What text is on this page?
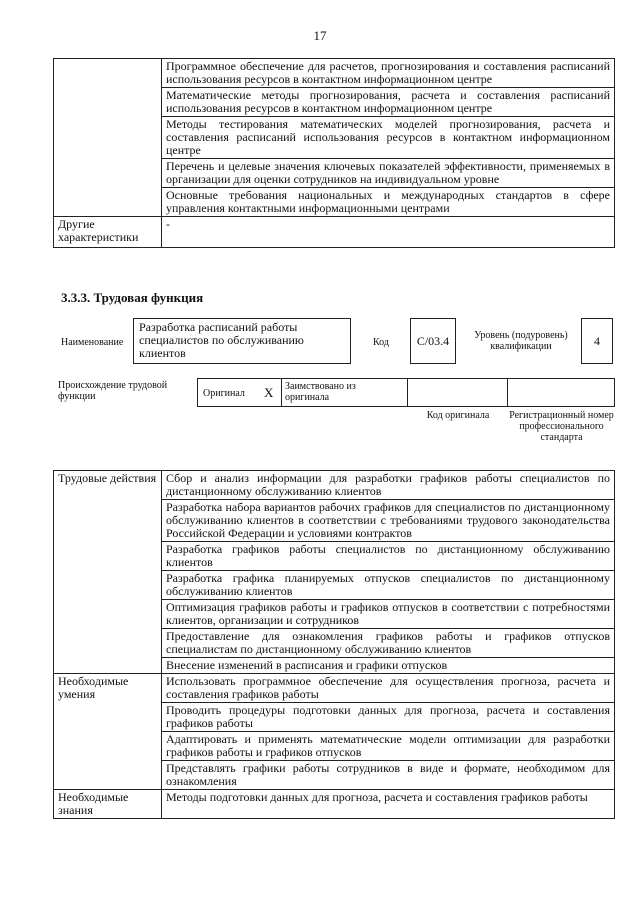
17
	Программное обеспечение для расчетов, прогнозирования и составления расписаний использования ресурсов в контактном информационном центре
	Математические методы прогнозирования, расчета и составления расписаний использования ресурсов в контактном информационном центре
	Методы тестирования математических моделей прогнозирования, расчета и составления расписаний использования ресурсов в контактном информационном центре
	Перечень и целевые значения ключевых показателей эффективности, применяемых в организации для оценки сотрудников на индивидуальном уровне
	Основные требования национальных и международных стандартов в сфере управления контактными информационными центрами
Другие характеристики	-
3.3.3. Трудовая функция
Наименование
Разработка расписаний работы специалистов по обслуживанию клиентов
Код C/03.4	Уровень (подуровень) квалификации	4
Происхождение трудовой функции	Оригинал X Заимствовано из оригинала
Код оригинала	Регистрационный номер профессионального стандарта
Трудовые действия	Сбор и анализ информации для разработки графиков работы специалистов по дистанционному обслуживанию клиентов
	Разработка набора вариантов рабочих графиков для специалистов по дистанционному обслуживанию клиентов в соответствии с требованиями трудового законодательства Российской Федерации и условиями контрактов
	Разработка графиков работы специалистов по дистанционному обслуживанию клиентов
	Разработка графика планируемых отпусков специалистов по дистанционному обслуживанию клиентов
	Оптимизация графиков работы и графиков отпусков в соответствии с потребностями клиентов, организации и сотрудников
	Предоставление для ознакомления графиков работы и графиков отпусков специалистам по дистанционному обслуживанию клиентов
	Внесение изменений в расписания и графики отпусков
Необходимые умения	Использовать программное обеспечение для осуществления прогноза, расчета и составления графиков работы
	Проводить процедуры подготовки данных для прогноза, расчета и составления графиков работы
	Адаптировать и применять математические модели оптимизации для разработки графиков работы и графиков отпусков
	Представлять графики работы сотрудников в виде и формате, необходимом для ознакомления
Необходимые знания	Методы подготовки данных для прогноза, расчета и составления графиков работы
